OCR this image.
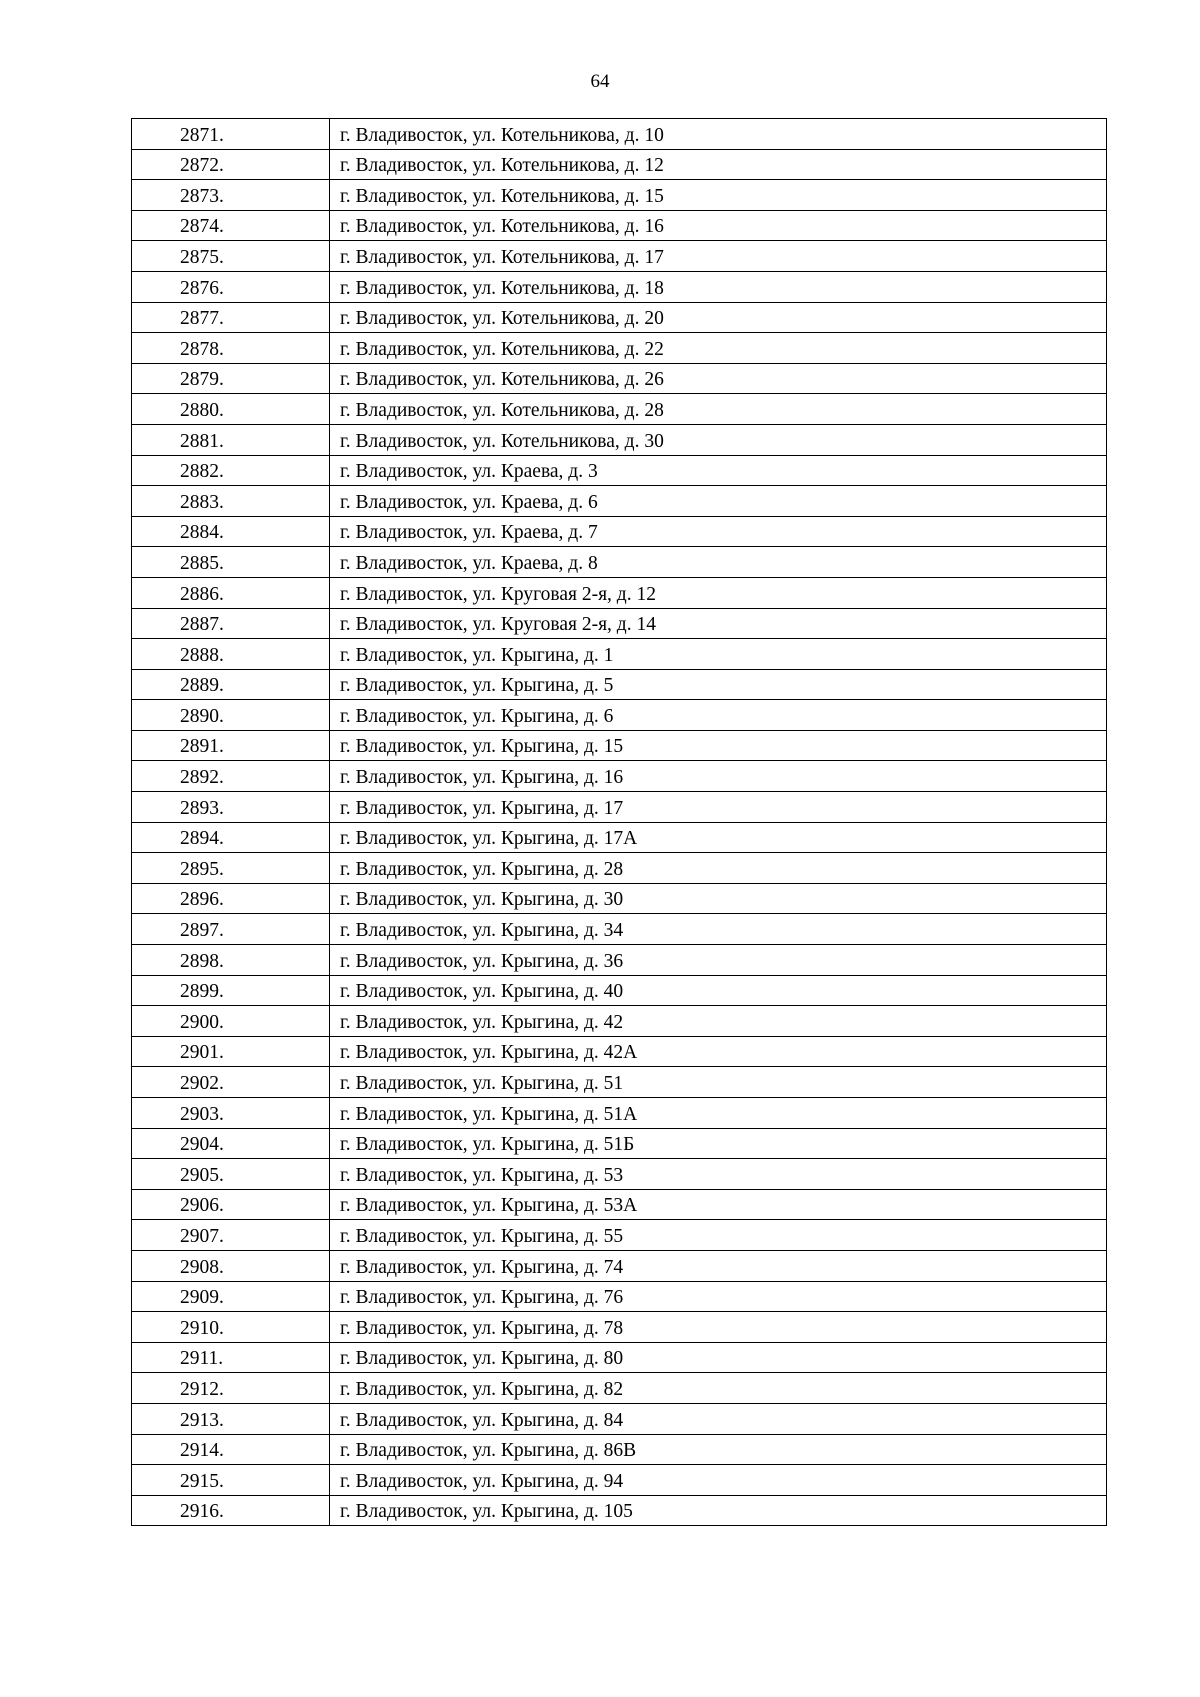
64
2871.	г. Владивосток, ул. Котельникова, д. 10
2872.	г. Владивосток, ул. Котельникова, д. 12
2873.	г. Владивосток, ул. Котельникова, д. 15
2874.	г. Владивосток, ул. Котельникова, д. 16
2875.	г. Владивосток, ул. Котельникова, д. 17
2876.	г. Владивосток, ул. Котельникова, д. 18
2877.	г. Владивосток, ул. Котельникова, д. 20
2878.	г. Владивосток, ул. Котельникова, д. 22
2879.	г. Владивосток, ул. Котельникова, д. 26
2880.	г. Владивосток, ул. Котельникова, д. 28
2881.	г. Владивосток, ул. Котельникова, д. 30
2882.	г. Владивосток, ул. Краева, д. 3
2883.	г. Владивосток, ул. Краева, д. 6
2884.	г. Владивосток, ул. Краева, д. 7
2885.	г. Владивосток, ул. Краева, д. 8
2886.	г. Владивосток, ул. Круговая 2-я, д. 12
2887.	г. Владивосток, ул. Круговая 2-я, д. 14
2888.	г. Владивосток, ул. Крыгина, д. 1
2889.	г. Владивосток, ул. Крыгина, д. 5
2890.	г. Владивосток, ул. Крыгина, д. 6
2891.	г. Владивосток, ул. Крыгина, д. 15
2892.	г. Владивосток, ул. Крыгина, д. 16
2893.	г. Владивосток, ул. Крыгина, д. 17
2894.	г. Владивосток, ул. Крыгина, д. 17А
2895.	г. Владивосток, ул. Крыгина, д. 28
2896.	г. Владивосток, ул. Крыгина, д. 30
2897.	г. Владивосток, ул. Крыгина, д. 34
2898.	г. Владивосток, ул. Крыгина, д. 36
2899.	г. Владивосток, ул. Крыгина, д. 40
2900.	г. Владивосток, ул. Крыгина, д. 42
2901.	г. Владивосток, ул. Крыгина, д. 42А
2902.	г. Владивосток, ул. Крыгина, д. 51
2903.	г. Владивосток, ул. Крыгина, д. 51А
2904.	г. Владивосток, ул. Крыгина, д. 51Б
2905.	г. Владивосток, ул. Крыгина, д. 53
2906.	г. Владивосток, ул. Крыгина, д. 53А
2907.	г. Владивосток, ул. Крыгина, д. 55
2908.	г. Владивосток, ул. Крыгина, д. 74
2909.	г. Владивосток, ул. Крыгина, д. 76
2910.	г. Владивосток, ул. Крыгина, д. 78
2911.	г. Владивосток, ул. Крыгина, д. 80
2912.	г. Владивосток, ул. Крыгина, д. 82
2913.	г. Владивосток, ул. Крыгина, д. 84
2914.	г. Владивосток, ул. Крыгина, д. 86В
2915.	г. Владивосток, ул. Крыгина, д. 94
2916.	г. Владивосток, ул. Крыгина, д. 105
